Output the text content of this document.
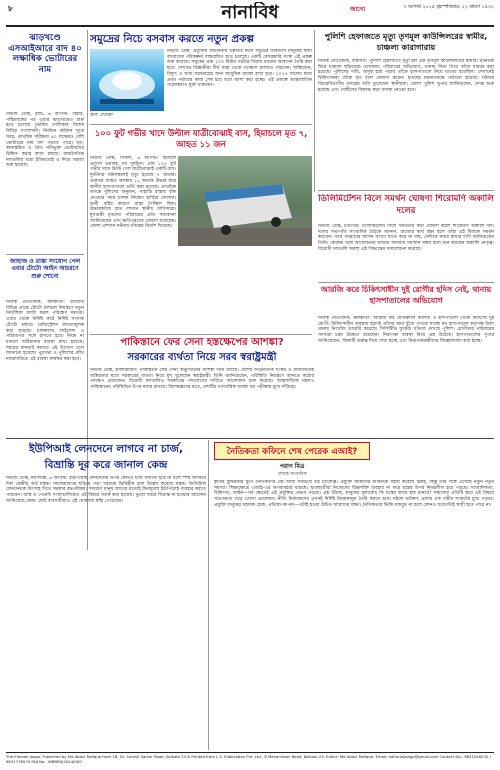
৮	নানাবিধ	জাগো	৭ আগস্ট ২০২৫ বৃহস্পতিবার, ২২ শ্রাবণ ১৪৩২
ঝাড়খণ্ডে এসআইআরে বাদ ৪০ লক্ষাধিক ভোটারের নাম
নিউজ ডেস্ক, রাঁচি, ৬ আগস্ট: বিহার, পশ্চিমবঙ্গের পর এবার ঝাড়খণ্ডেও শুরু হতে চলেছে ভোটার তালিকার বিশেষ নিবিড় সংশোধনী। নির্বাচন কমিশন সূত্রে খবর, প্রাথমিক সমীক্ষায় ৪০ লক্ষেরও বেশি ভোটারের নাম বাদ পড়তে পারে। মৃত, স্থানান্তরিত ও দ্বৈত নথিভুক্ত ভোটারদের চিহ্নিত করার কাজ চলছে। রাজনৈতিক দলগুলির মধ্যে ইতিমধ্যেই এ নিয়ে তরজা শুরু হয়েছে।
জাহাজ ও রাস্তা সংযোগ পেল এবার টোটো আইন আচরণে শুরু শোনো
নিজস্ব প্রতিবেদক, কলকাতা: রাজ্যের বিভিন্ন প্রান্তে টোটো চলাচল নিয়ন্ত্রণে নতুন নির্দেশিকা জারি করল পরিবহণ দফতর। এবার থেকে নির্দিষ্ট রুটে নির্দিষ্ট সংখ্যক টোটো চলবে। রেজিস্ট্রেশন বাধ্যতামূলক করা হয়েছে। চালকদের লাইসেন্স ও পরিচয়পত্র সঙ্গে রাখতে হবে। নিয়ম না মানলে জরিমানার ব্যবস্থা রাখা হয়েছে। শহরের যানজট কমাতে এই উদ্যোগ বলে জানানো হয়েছে। পুরসভা ও পুলিশের যৌথ নজরদারিতে এই ব্যবস্থা কার্যকর করা হবে।
সমুদ্রের নিচে বসবাস করতে নতুন প্রকল্প
নিউজ ডেস্ক: প্রযুক্তির অভাবনীয় উন্নতির ফলে সমুদ্রের তলদেশে মানুষের স্থায়ী বসবাসের পরিকল্পনা বাস্তবায়িত হতে চলেছে। একটি বেসরকারি সংস্থা এই প্রকল্প শুরু করেছে। সমুদ্রের প্রায় ২০০ মিটার গভীরে বিশেষ ধরনের আবাসন তৈরি করা হবে। সেখানে বিজ্ঞানীরা দীর্ঘ সময় থেকে গবেষণা চালাতে পারবেন। অক্সিজেন, বিদ্যুৎ ও খাদ্য সরবরাহের জন্য আধুনিক ব্যবস্থা রাখা হবে। ২০২৭ সালের মধ্যে প্রথম পর্যায়ের কাজ শেষ হবে বলে আশা করা হচ্ছে। এই প্রকল্পে আন্তর্জাতিক গবেষকরাও যুক্ত থাকবেন।
ছবি: প্রতীকী
পুলিশি হেফাজতে মৃত্যু তৃণমূল কাউন্সিলরের স্বামীর, চাঞ্চল্য কারাগারায়
নিজস্ব প্রতিবেদক, বারাসত: পুলিশি হেফাজতে মৃত্যু হল এক তৃণমূল কাউন্সিলরের স্বামীর। ঘটনাকে ঘিরে চাঞ্চল্য ছড়িয়েছে এলাকায়। পরিবারের অভিযোগ, থানায় নিয়ে গিয়ে তাঁকে মারধর করা হয়েছে। পুলিশের দাবি, অসুস্থ হয়ে পড়ায় তাঁকে হাসপাতালে নিয়ে যাওয়া হয়েছিল। সেখানেই চিকিৎসকরা তাঁকে মৃত বলে ঘোষণা করেন। মৃতদেহ ময়নাতদন্তে পাঠানো হয়েছে। ঘটনার বিচারবিভাগীয় তদন্তের দাবি তুলেছেন স্থানীয়রা। জেলা পুলিশ সুপার জানিয়েছেন, তদন্ত শুরু হয়েছে এবং দোষীদের বিরুদ্ধে কড়া ব্যবস্থা নেওয়া হবে।
১০০ ফুট গভীর খাদে উল্টাল যাত্রীবোঝাই বাস, হিমাচলে মৃত ৭, আহত ১১ জন
নিউজ ডেস্ক, সিমলা, ৬ আগস্ট: হিমাচল প্রদেশে ভয়াবহ পথ দুর্ঘটনা। প্রায় ১০০ ফুট গভীর খাদে উল্টে গেল যাত্রীবোঝাই একটি বাস। দুর্ঘটনায় ঘটনাস্থলেই মৃত্যু হয়েছে ৭ জনের। গুরুতর আহত অবস্থায় ১১ জনকে উদ্ধার করে স্থানীয় হাসপাতালে ভর্তি করা হয়েছে। প্রাথমিক তদন্তে পুলিশের অনুমান, পাহাড়ি রাস্তায় বাঁক নেওয়ার সময় চালক নিয়ন্ত্রণ হারিয়ে ফেলেন। ভারী বৃষ্টির কারণে রাস্তা পিচ্ছিল ছিল। উদ্ধারকাজে হাত লাগান স্থানীয় বাসিন্দারা। মুখ্যমন্ত্রী মৃতদের পরিবারের প্রতি সমবেদনা জানিয়েছেন এবং ক্ষতিপূরণের ঘোষণা করেছেন। জেলা প্রশাসন ঘটনার তদন্তের নির্দেশ দিয়েছে।
ডিলিমিটেশন বিলে সমর্থন ঘোষণা শিরোমণি অকালি দলের
নিউজ ডেস্ক, চণ্ডীগড়: ডিলিমিটেশন বিলে সমর্থনের কথা ঘোষণা করল শিরোমণি অকালি দল। দলের সভাপতি সাংবাদিক বৈঠকে জানান, রাজ্যের স্বার্থ রক্ষা হলে তাঁরা এই বিলকে সমর্থন করবেন। তবে পাঞ্জাবের আসন সংখ্যা যাতে কমে না যায়, সেদিকে নজর রাখার দাবি জানিয়েছেন তিনি। কেন্দ্রের সঙ্গে আলোচনার মাধ্যমে সমস্যার সমাধান সম্ভব বলে মনে করছেন অকালি নেতৃত্ব। বিরোধী দলগুলি অবশ্য এই সিদ্ধান্তের সমালোচনা করেছে।
আরজি করে চিকিৎসাধীন দুই রোগীর হদিস নেই, থানায় হাসপাতালের অভিযোগ
নিজস্ব প্রতিবেদক, কলকাতা: আরজি কর মেডিক্যাল কলেজ ও হাসপাতাল থেকে নিখোঁজ দুই রোগী। চিকিৎসাধীন অবস্থায় হঠাৎই তাঁদের আর খুঁজে পাওয়া যাচ্ছে না। হাসপাতাল কর্তৃপক্ষ টালা থানায় নিখোঁজ ডায়েরি করেছে। সিসিটিভি ফুটেজ খতিয়ে দেখছে পুলিশ। রোগীদের পরিবারের সদস্যরা চরম উদ্বেগে রয়েছেন। নিরাপত্তা ব্যবস্থা নিয়ে প্রশ্ন উঠেছে। হাসপাতালের সুপার জানিয়েছেন, বিষয়টি গুরুত্ব দিয়ে দেখা হচ্ছে এবং নিরাপত্তারক্ষীদের জিজ্ঞাসাবাদ করা হচ্ছে।
পাকিস্তানে ফের সেনা হস্তক্ষেপের আশঙ্কা?
সরকারের ব্যর্থতা নিয়ে সরব স্বরাষ্ট্রমন্ত্রী
নিউজ ডেস্ক, ইসলামাবাদ: পাকিস্তানে ফের সেনা অভ্যুত্থানের আশঙ্কা দানা বাঁধছে। দেশের অর্থনৈতিক সংকট ও রাজনৈতিক অস্থিরতার মধ্যে সরকারের ব্যর্থতা নিয়ে মুখ খুলেছেন স্বরাষ্ট্রমন্ত্রী। তিনি জানিয়েছেন, পরিস্থিতি নিয়ন্ত্রণে আনতে কঠোর পদক্ষেপ প্রয়োজন। বিরোধী দলগুলিও সরকারের পদত্যাগের দাবিতে আন্দোলন শুরু করেছে। আন্তর্জাতিক মহলও পাকিস্তানের পরিস্থিতির উপর নজর রাখছে। বিশেষজ্ঞদের মতে, দেশটির গণতান্ত্রিক ব্যবস্থা বড় পরীক্ষার মুখে দাঁড়িয়ে।
ইউপিআই লেনদেনে লাগবে না চার্জ,
বিভ্রান্তি দূর করে জানাল কেন্দ্র
নিউজ ডেস্ক, নয়াদিল্লি, ৬ আগস্ট: ইউপিআই লেনদেনের উপর কোনও চার্জ বসানো হবে না বলে স্পষ্ট জানিয়ে দিল কেন্দ্রীয় অর্থ মন্ত্রক। সমাজমাধ্যমে ছড়িয়ে পড়া খবরকে ভিত্তিহীন বলে উল্লেখ করেছে মন্ত্রক। ডিজিটাল লেনদেনকে উৎসাহ দিতে সরকার বদ্ধপরিকর। সাধারণ মানুষ আগের মতোই বিনামূল্যে ইউপিআই ব্যবহার করতে পারবেন। ব্যাঙ্ক ও পেমেন্ট সংস্থাগুলিকেও এই বিষয়ে সতর্ক করা হয়েছে। ভুয়ো খবরে বিভ্রান্ত না হওয়ার আবেদন জানিয়েছে কেন্দ্র। ছোট ব্যবসায়ীরাও এই ঘোষণায় স্বস্তি পেয়েছেন।
নৈতিকতা কফিনে শেষ পেরেক এআই?
পরাগ মিত্র
লেখক সাংবাদিক
কৃত্রিম বুদ্ধিমত্তার যুগে নৈতিকতার প্রশ্ন আজ সবচেয়ে বড় চ্যালেঞ্জ। প্রযুক্তি আমাদের জীবনকে সহজ করেছে ঠিকই, কিন্তু তার সঙ্গে এসেছে নতুন নতুন সমস্যা। শিক্ষাক্ষেত্রে এআই-এর অপব্যবহার বাড়ছে। ছাত্রছাত্রীরা নিজেদের চিন্তাশক্তি ব্যবহার না করে যন্ত্রের উপর নির্ভরশীল হয়ে পড়ছে। সাংবাদিকতা, চিকিৎসা, আইন—সব ক্ষেত্রেই এই প্রযুক্তির প্রভাব পড়ছে। প্রশ্ন উঠছে, মানুষের মূল্যবোধ কি যন্ত্রের কাছে হার মানবে? সমাজের প্রতিটি স্তরে এই বিষয়ে সচেতনতা গড়ে তোলা প্রয়োজন। নীতি নির্ধারকদের এখনই নির্দিষ্ট নিয়মকানুন তৈরি করতে হবে। নইলে ভবিষ্যৎ প্রজন্ম এক গভীর সংকটের মুখে পড়বে। প্রযুক্তি মানুষের সহায়ক হোক, প্রতিস্থাপক নয়—এটাই হওয়া উচিত আমাদের লক্ষ্য। নৈতিকতার ভিত্তি মজবুত না হলে কোনও অগ্রগতিই স্থায়ী হতে পারে না।
The Eimaak Jaago. Published by Md Abdul Rafique from 1B, Dr. Suresh Sarkar Road, Kolkata 14 & Printed from L.S. Publication Pvt. Ltd., 6 Mahanirban Road, Kolkata 29. Editor: Md Abdul Rafique. Email: editorialjaago@gmail.com Contact No.: 9831046230 / 9831776570 RNI No.: WBBEN/2024/000
